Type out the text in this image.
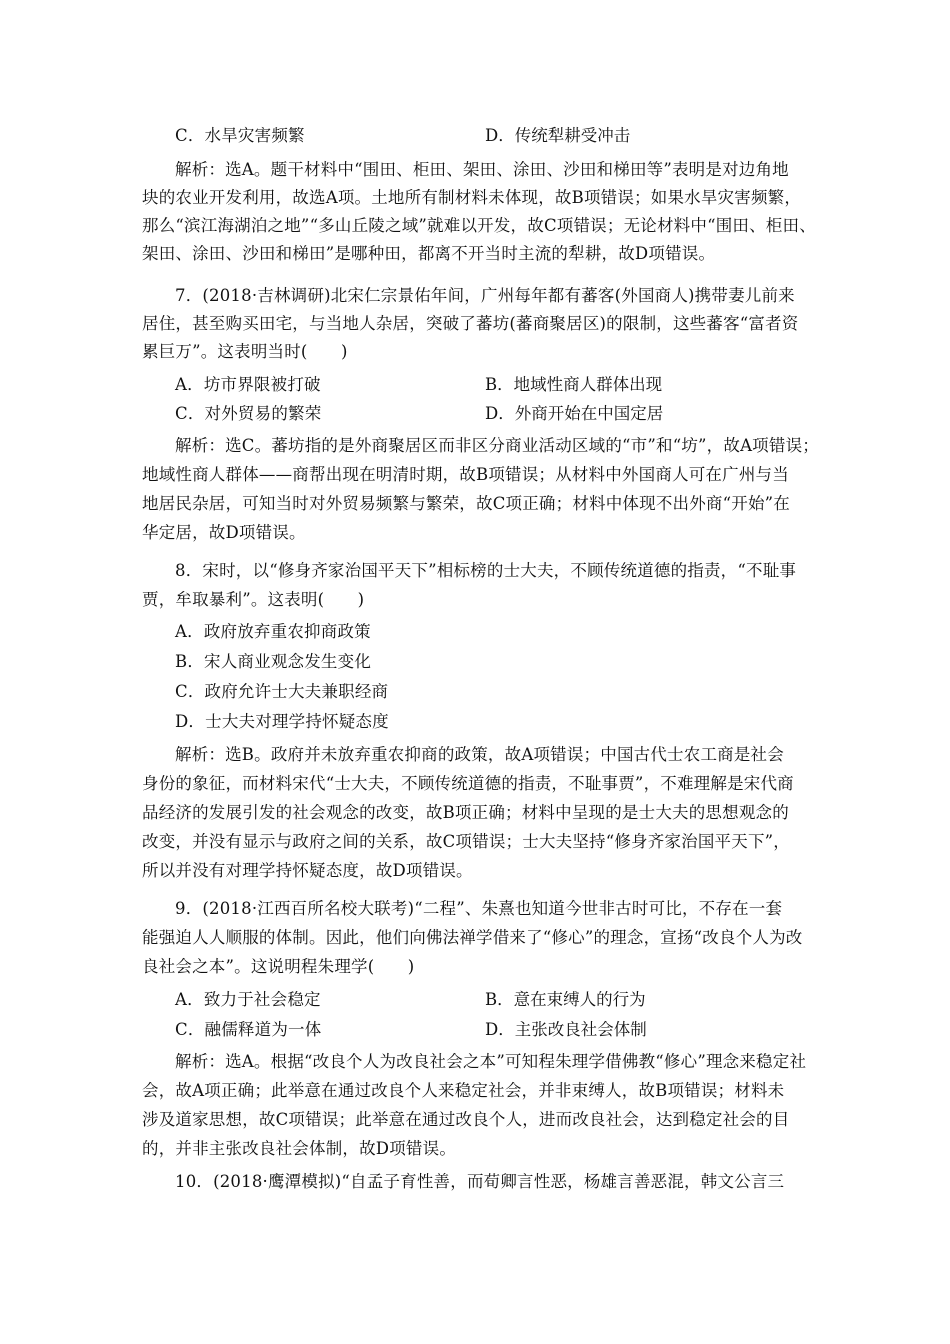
C．水旱灾害频繁	D．传统犁耕受冲击
解析：选A。题干材料中“围田、柜田、架田、涂田、沙田和梯田等”表明是对边角地
块的农业开发利用，故选A项。土地所有制材料未体现，故B项错误；如果水旱灾害频繁，
那么“滨江海湖泊之地”“多山丘陵之域”就难以开发，故C项错误；无论材料中“围田、柜田、
架田、涂田、沙田和梯田”是哪种田，都离不开当时主流的犁耕，故D项错误。
7．(2018·吉林调研)北宋仁宗景佑年间，广州每年都有蕃客(外国商人)携带妻儿前来
居住，甚至购买田宅，与当地人杂居，突破了蕃坊(蕃商聚居区)的限制，这些蕃客“富者资
累巨万”。这表明当时(　　)
A．坊市界限被打破	B．地域性商人群体出现
C．对外贸易的繁荣	D．外商开始在中国定居
解析：选C。蕃坊指的是外商聚居区而非区分商业活动区域的“市”和“坊”，故A项错误；
地域性商人群体——商帮出现在明清时期，故B项错误；从材料中外国商人可在广州与当
地居民杂居，可知当时对外贸易频繁与繁荣，故C项正确；材料中体现不出外商“开始”在
华定居，故D项错误。
8．宋时，以“修身齐家治国平天下”相标榜的士大夫，不顾传统道德的指责，“不耻事
贾，牟取暴利”。这表明(　　)
A．政府放弃重农抑商政策
B．宋人商业观念发生变化
C．政府允许士大夫兼职经商
D．士大夫对理学持怀疑态度
解析：选B。政府并未放弃重农抑商的政策，故A项错误；中国古代士农工商是社会
身份的象征，而材料宋代“士大夫，不顾传统道德的指责，不耻事贾”，不难理解是宋代商
品经济的发展引发的社会观念的改变，故B项正确；材料中呈现的是士大夫的思想观念的
改变，并没有显示与政府之间的关系，故C项错误；士大夫坚持“修身齐家治国平天下”，
所以并没有对理学持怀疑态度，故D项错误。
9．(2018·江西百所名校大联考)“二程”、朱熹也知道今世非古时可比，不存在一套
能强迫人人顺服的体制。因此，他们向佛法禅学借来了“修心”的理念，宣扬“改良个人为改
良社会之本”。这说明程朱理学(　　)
A．致力于社会稳定	B．意在束缚人的行为
C．融儒释道为一体	D．主张改良社会体制
解析：选A。根据“改良个人为改良社会之本”可知程朱理学借佛教“修心”理念来稳定社
会，故A项正确；此举意在通过改良个人来稳定社会，并非束缚人，故B项错误；材料未
涉及道家思想，故C项错误；此举意在通过改良个人，进而改良社会，达到稳定社会的目
的，并非主张改良社会体制，故D项错误。
10．(2018·鹰潭模拟)“自孟子育性善，而荀卿言性恶，杨雄言善恶混，韩文公言三
